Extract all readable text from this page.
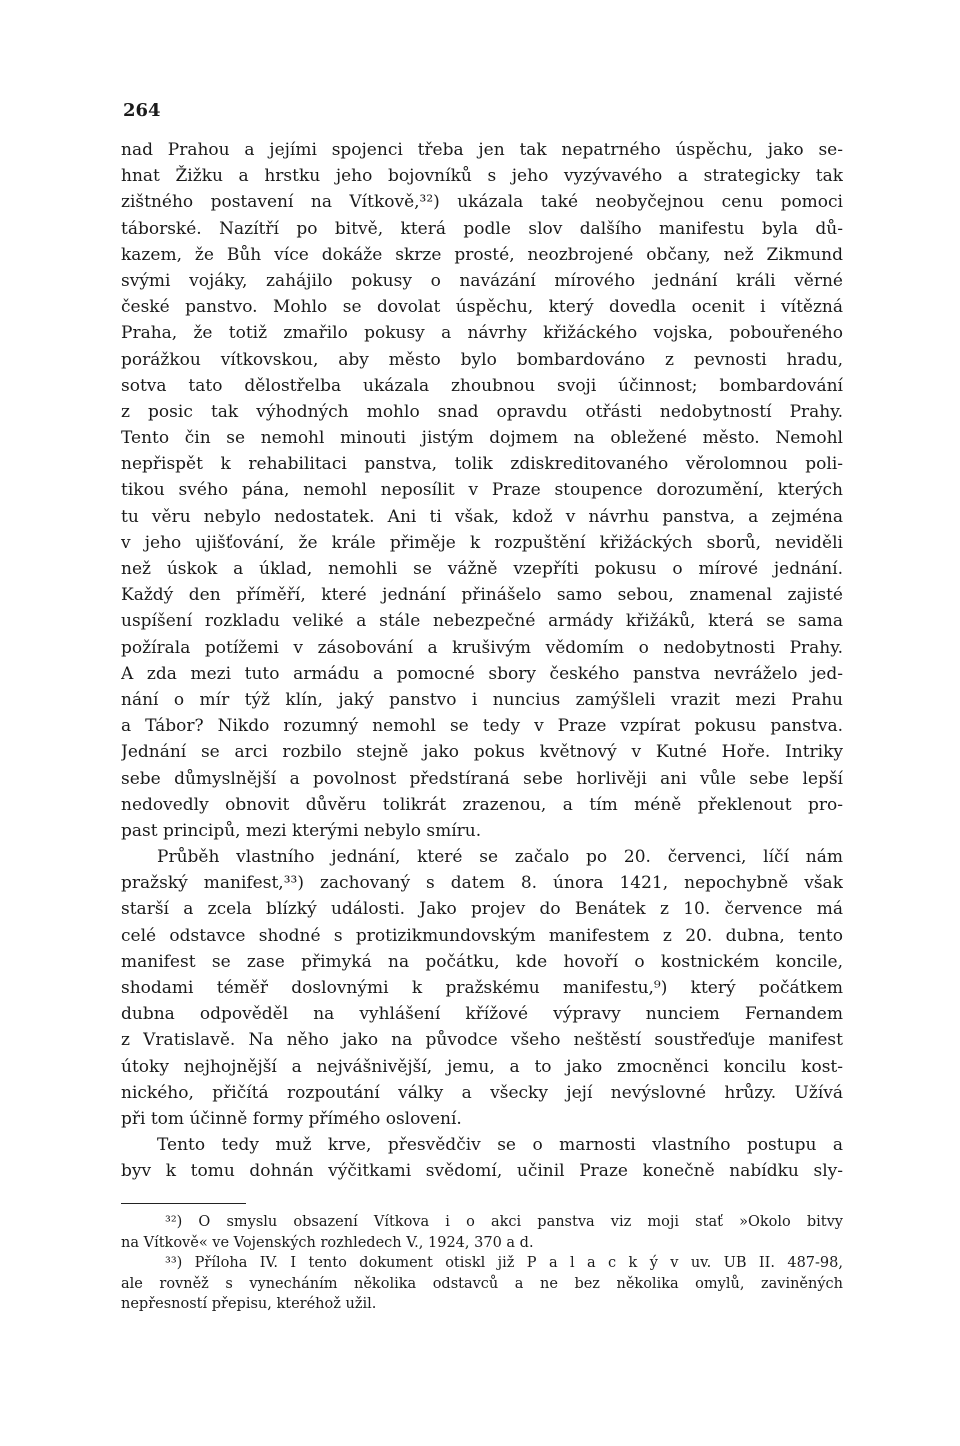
264
nad Prahou a jejími spojenci třeba jen tak nepatrného úspěchu, jako se-
hnat Žižku a hrstku jeho bojovníků s jeho vyzývavého a strategicky tak
zištného postavení na Vítkově,³²) ukázala také neobyčejnou cenu pomoci
táborské. Nazítří po bitvě, která podle slov dalšího manifestu byla dů-
kazem, že Bůh více dokáže skrze prosté, neozbrojené občany, než Zikmund
svými vojáky, zahájilo pokusy o navázání mírového jednání králi věrné
české panstvo. Mohlo se dovolat úspěchu, který dovedla ocenit i vítězná
Praha, že totiž zmařilo pokusy a návrhy křižáckého vojska, pobouřeného
porážkou vítkovskou, aby město bylo bombardováno z pevnosti hradu,
sotva tato dělostřelba ukázala zhoubnou svoji účinnost; bombardování
z posic tak výhodných mohlo snad opravdu otřásti nedobytností Prahy.
Tento čin se nemohl minouti jistým dojmem na obležené město. Nemohl
nepřispět k rehabilitaci panstva, tolik zdiskreditovaného věrolomnou poli-
tikou svého pána, nemohl neposílit v Praze stoupence dorozumění, kterých
tu věru nebylo nedostatek. Ani ti však, kdož v návrhu panstva, a zejména
v jeho ujišťování, že krále přiměje k rozpuštění křižáckých sborů, neviděli
než úskok a úklad, nemohli se vážně vzepříti pokusu o mírové jednání.
Každý den příměří, které jednání přinášelo samo sebou, znamenal zajisté
uspíšení rozkladu veliké a stále nebezpečné armády křižáků, která se sama
požírala potížemi v zásobování a krušivým vědomím o nedobytnosti Prahy.
A zda mezi tuto armádu a pomocné sbory českého panstva nevráželo jed-
nání o mír týž klín, jaký panstvo i nuncius zamýšleli vrazit mezi Prahu
a Tábor? Nikdo rozumný nemohl se tedy v Praze vzpírat pokusu panstva.
Jednání se arci rozbilo stejně jako pokus květnový v Kutné Hoře. Intriky
sebe důmyslnější a povolnost předstíraná sebe horlivěji ani vůle sebe lepší
nedovedly obnovit důvěru tolikrát zrazenou, a tím méně překlenout pro-
past principů, mezi kterými nebylo smíru.
Průběh vlastního jednání, které se začalo po 20. červenci, líčí nám
pražský manifest,³³) zachovaný s datem 8. února 1421, nepochybně však
starší a zcela blízký události. Jako projev do Benátek z 10. července má
celé odstavce shodné s protizikmundovským manifestem z 20. dubna, tento
manifest se zase přimyká na počátku, kde hovoří o kostnickém koncile,
shodami téměř doslovnými k pražskému manifestu,⁹) který počátkem
dubna odpověděl na vyhlášení křížové výpravy nunciem Fernandem
z Vratislavě. Na něho jako na původce všeho neštěstí soustřeďuje manifest
útoky nejhojnější a nejvášnivější, jemu, a to jako zmocněnci koncilu kost-
nického, přičítá rozpoutání války a všecky její nevýslovné hrůzy. Užívá
při tom účinně formy přímého oslovení.
Tento tedy muž krve, přesvědčiv se o marnosti vlastního postupu a
byv k tomu dohnán výčitkami svědomí, učinil Praze konečně nabídku sly-
³²) O smyslu obsazení Vítkova i o akci panstva viz moji stať »Okolo bitvy
na Vítkově« ve Vojenských rozhledech V., 1924, 370 a d.
³³) Příloha IV. I tento dokument otiskl již P a l a c k ý v uv. UB II. 487-98,
ale rovněž s vynecháním několika odstavců a ne bez několika omylů, zaviněných
nepřesností přepisu, kteréhož užil.
